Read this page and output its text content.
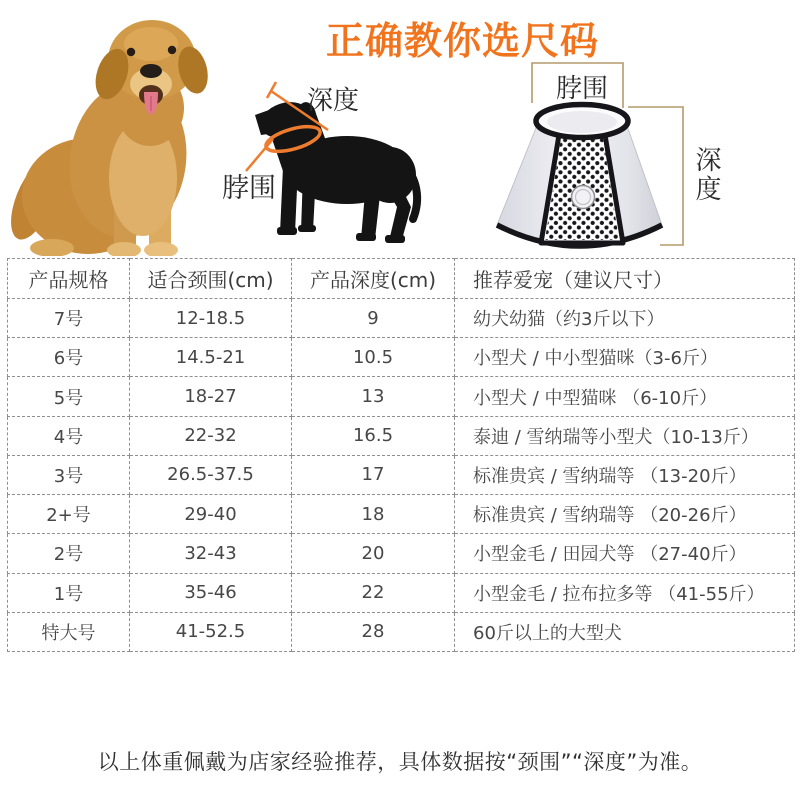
正确教你选尺码
深度
脖围
脖围
深度
产品规格	适合颈围(cm)	产品深度(cm)	推荐爱宠（建议尺寸）
7号	12-18.5	9	幼犬幼猫（约3斤以下）
6号	14.5-21	10.5	小型犬 / 中小型猫咪（3-6斤）
5号	18-27	13	小型犬 / 中型猫咪 （6-10斤）
4号	22-32	16.5	泰迪 / 雪纳瑞等小型犬（10-13斤）
3号	26.5-37.5	17	标准贵宾 / 雪纳瑞等 （13-20斤）
2+号	29-40	18	标准贵宾 / 雪纳瑞等 （20-26斤）
2号	32-43	20	小型金毛 / 田园犬等 （27-40斤）
1号	35-46	22	小型金毛 / 拉布拉多等 （41-55斤）
特大号	41-52.5	28	60斤以上的大型犬
以上体重佩戴为店家经验推荐，具体数据按“颈围”“深度”为准。
